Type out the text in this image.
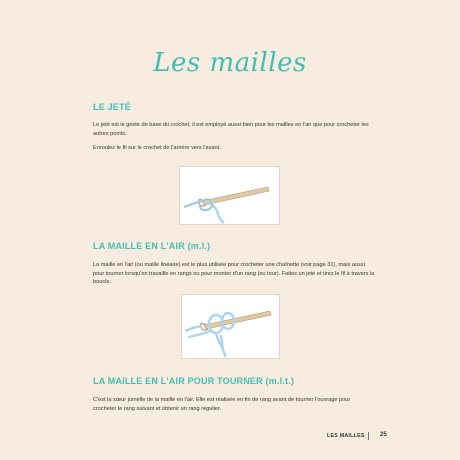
Les mailles
LE JETÉ

Le jeté est le geste de base du crochet, il est employé aussi bien pour les mailles en l'air que pour crocheter les autres points.

Enroulez le fil sur le crochet de l'arrière vers l'avant.

LA MAILLE EN L'AIR (m.l.)

La maille en l'air (ou maille linéaire) est le plus utilisée pour crocheter une chaînette (voir page 31), mais aussi pour tourner lorsqu'on travaille en rangs ou pour monter d'un rang (ou tour). Faites un jeté et tirez le fil à travers la boucle.

LA MAILLE EN L'AIR POUR TOURNER (m.l.t.)

C'est la sœur jumelle de la maille en l'air. Elle est réalisée en fin de rang avant de tourner l'ouvrage pour crocheter le rang suivant et obtenir un rang régulier.

LES MAILLES	25
